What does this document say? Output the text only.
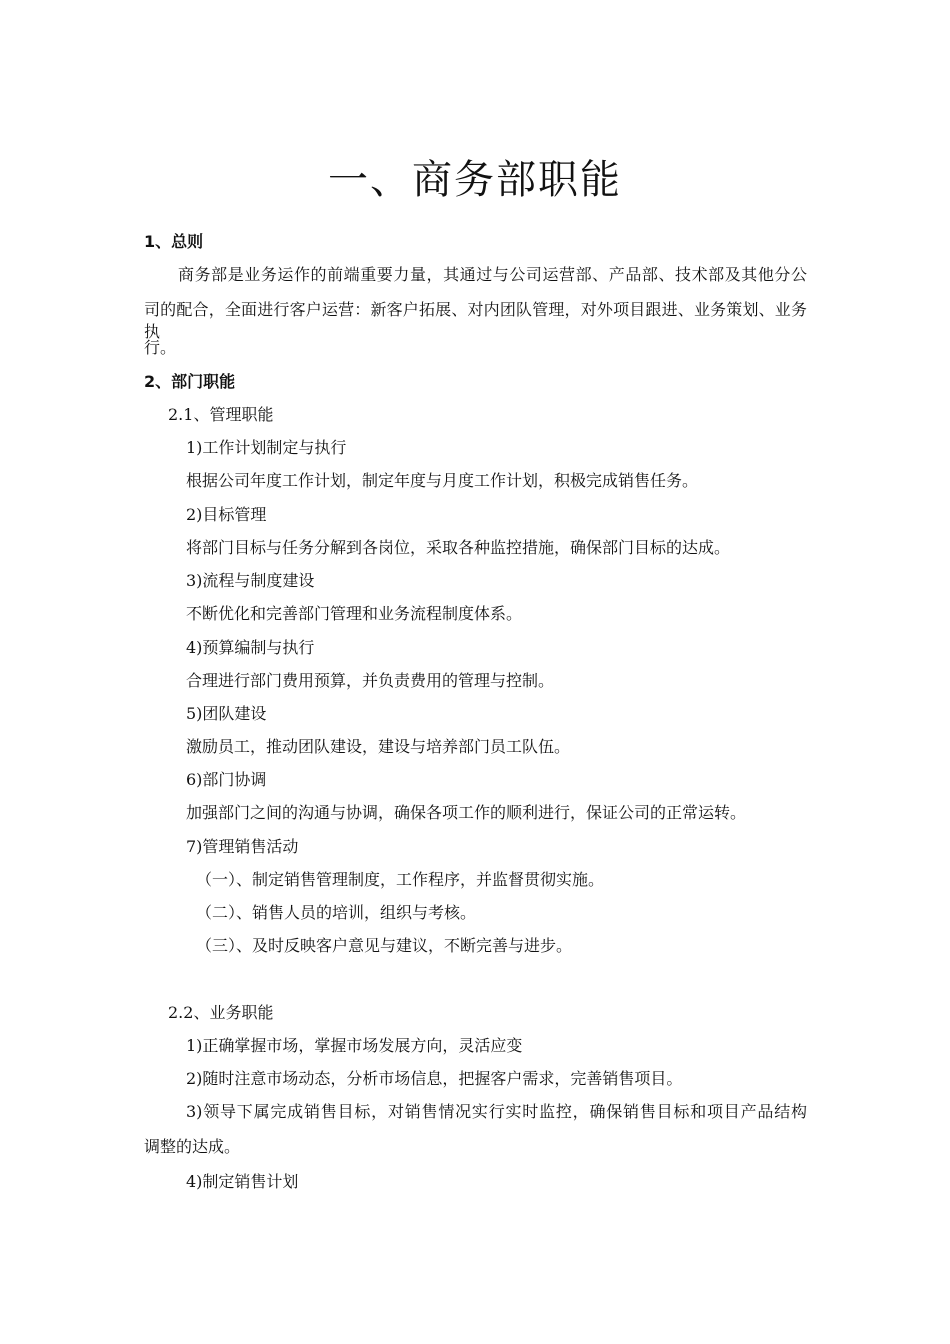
一、商务部职能
1、总则
商务部是业务运作的前端重要力量，其通过与公司运营部、产品部、技术部及其他分公
司的配合，全面进行客户运营：新客户拓展、对内团队管理，对外项目跟进、业务策划、业务执
行。
2、部门职能
2.1、管理职能
1)工作计划制定与执行
根据公司年度工作计划，制定年度与月度工作计划，积极完成销售任务。
2)目标管理
将部门目标与任务分解到各岗位，采取各种监控措施，确保部门目标的达成。
3)流程与制度建设
不断优化和完善部门管理和业务流程制度体系。
4)预算编制与执行
合理进行部门费用预算，并负责费用的管理与控制。
5)团队建设
激励员工，推动团队建设，建设与培养部门员工队伍。
6)部门协调
加强部门之间的沟通与协调，确保各项工作的顺利进行，保证公司的正常运转。
7)管理销售活动
（一）、制定销售管理制度，工作程序，并监督贯彻实施。
（二）、销售人员的培训，组织与考核。
（三）、及时反映客户意见与建议，不断完善与进步。
2.2、业务职能
1)正确掌握市场，掌握市场发展方向，灵活应变
2)随时注意市场动态，分析市场信息，把握客户需求，完善销售项目。
3)领导下属完成销售目标，对销售情况实行实时监控，确保销售目标和项目产品结构
调整的达成。
4)制定销售计划
